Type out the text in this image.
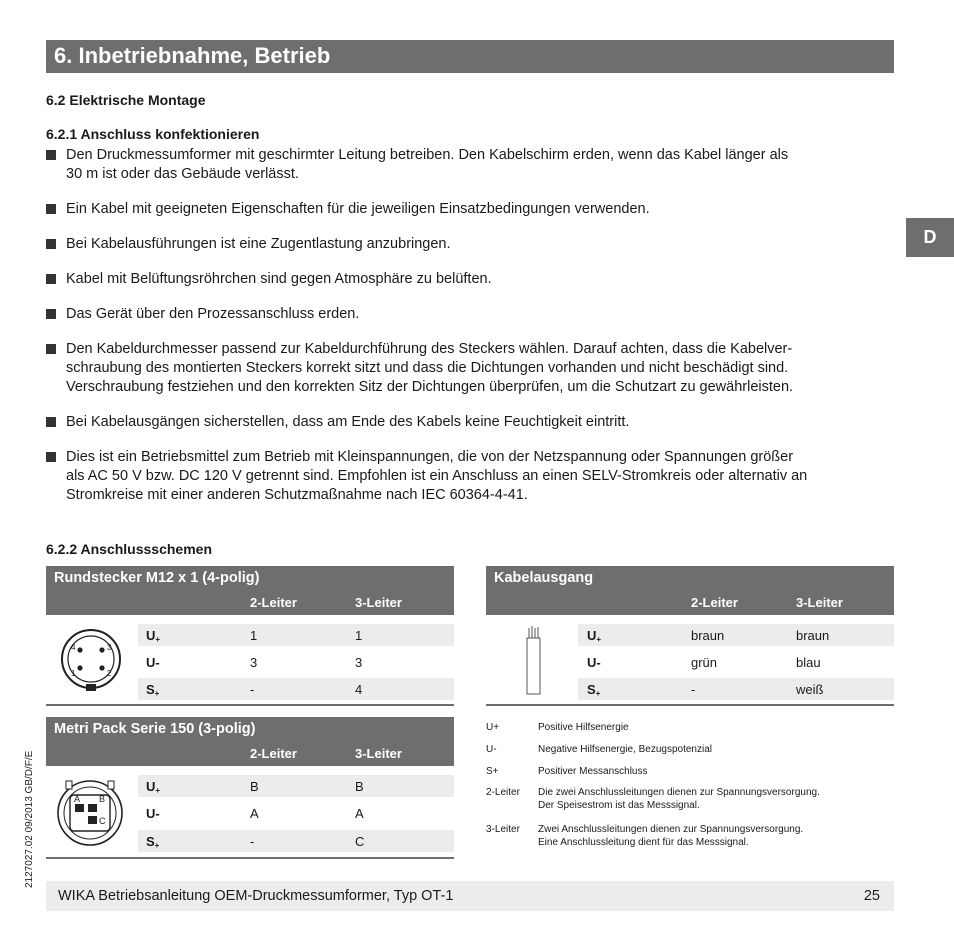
6. Inbetriebnahme, Betrieb
D
2127027.02 09/2013 GB/D/F/E
6.2 Elektrische Montage
6.2.1 Anschluss konfektionieren
Den Druckmessumformer mit geschirmter Leitung betreiben. Den Kabelschirm erden, wenn das Kabel länger als
30 m ist oder das Gebäude verlässt.
Ein Kabel mit geeigneten Eigenschaften für die jeweiligen Einsatzbedingungen verwenden.
Bei Kabelausführungen ist eine Zugentlastung anzubringen.
Kabel mit Belüftungsröhrchen sind gegen Atmosphäre zu belüften.
Das Gerät über den Prozessanschluss erden.
Den Kabeldurchmesser passend zur Kabeldurchführung des Steckers wählen. Darauf achten, dass die Kabelver-
schraubung des montierten Steckers korrekt sitzt und dass die Dichtungen vorhanden und nicht beschädigt sind.
Verschraubung festziehen und den korrekten Sitz der Dichtungen überprüfen, um die Schutzart zu gewährleisten.
Bei Kabelausgängen sicherstellen, dass am Ende des Kabels keine Feuchtigkeit eintritt.
Dies ist ein Betriebsmittel zum Betrieb mit Kleinspannungen, die von der Netzspannung oder Spannungen größer
als AC 50 V bzw. DC 120 V getrennt sind. Empfohlen ist ein Anschluss an einen SELV-Stromkreis oder alternativ an
Stromkreise mit einer anderen Schutzmaßnahme nach IEC 60364-4-41.
6.2.2 Anschlussschemen
Rundstecker M12 x 1 (4-polig)
2-Leiter	3-Leiter
4	3
1	2
$U_+$	1	1
U-	3	3
$S_+$	-	4
Metri Pack Serie 150 (3-polig)
2-Leiter	3-Leiter
A B
C
$U_+$	B	B
U-	A	A
$S_+$	-	C
Kabelausgang
2-Leiter	3-Leiter
$U_+$	braun	braun
U-	grün	blau
$S_+$	-	weiß
U+	Positive Hilfsenergie
U-	Negative Hilfsenergie, Bezugspotenzial
S+	Positiver Messanschluss
2-Leiter	Die zwei Anschlussleitungen dienen zur Spannungsversorgung.
Der Speisestrom ist das Messsignal.
3-Leiter	Zwei Anschlussleitungen dienen zur Spannungsversorgung.
Eine Anschlussleitung dient für das Messsignal.
WIKA Betriebsanleitung OEM-Druckmessumformer, Typ OT-1	25
